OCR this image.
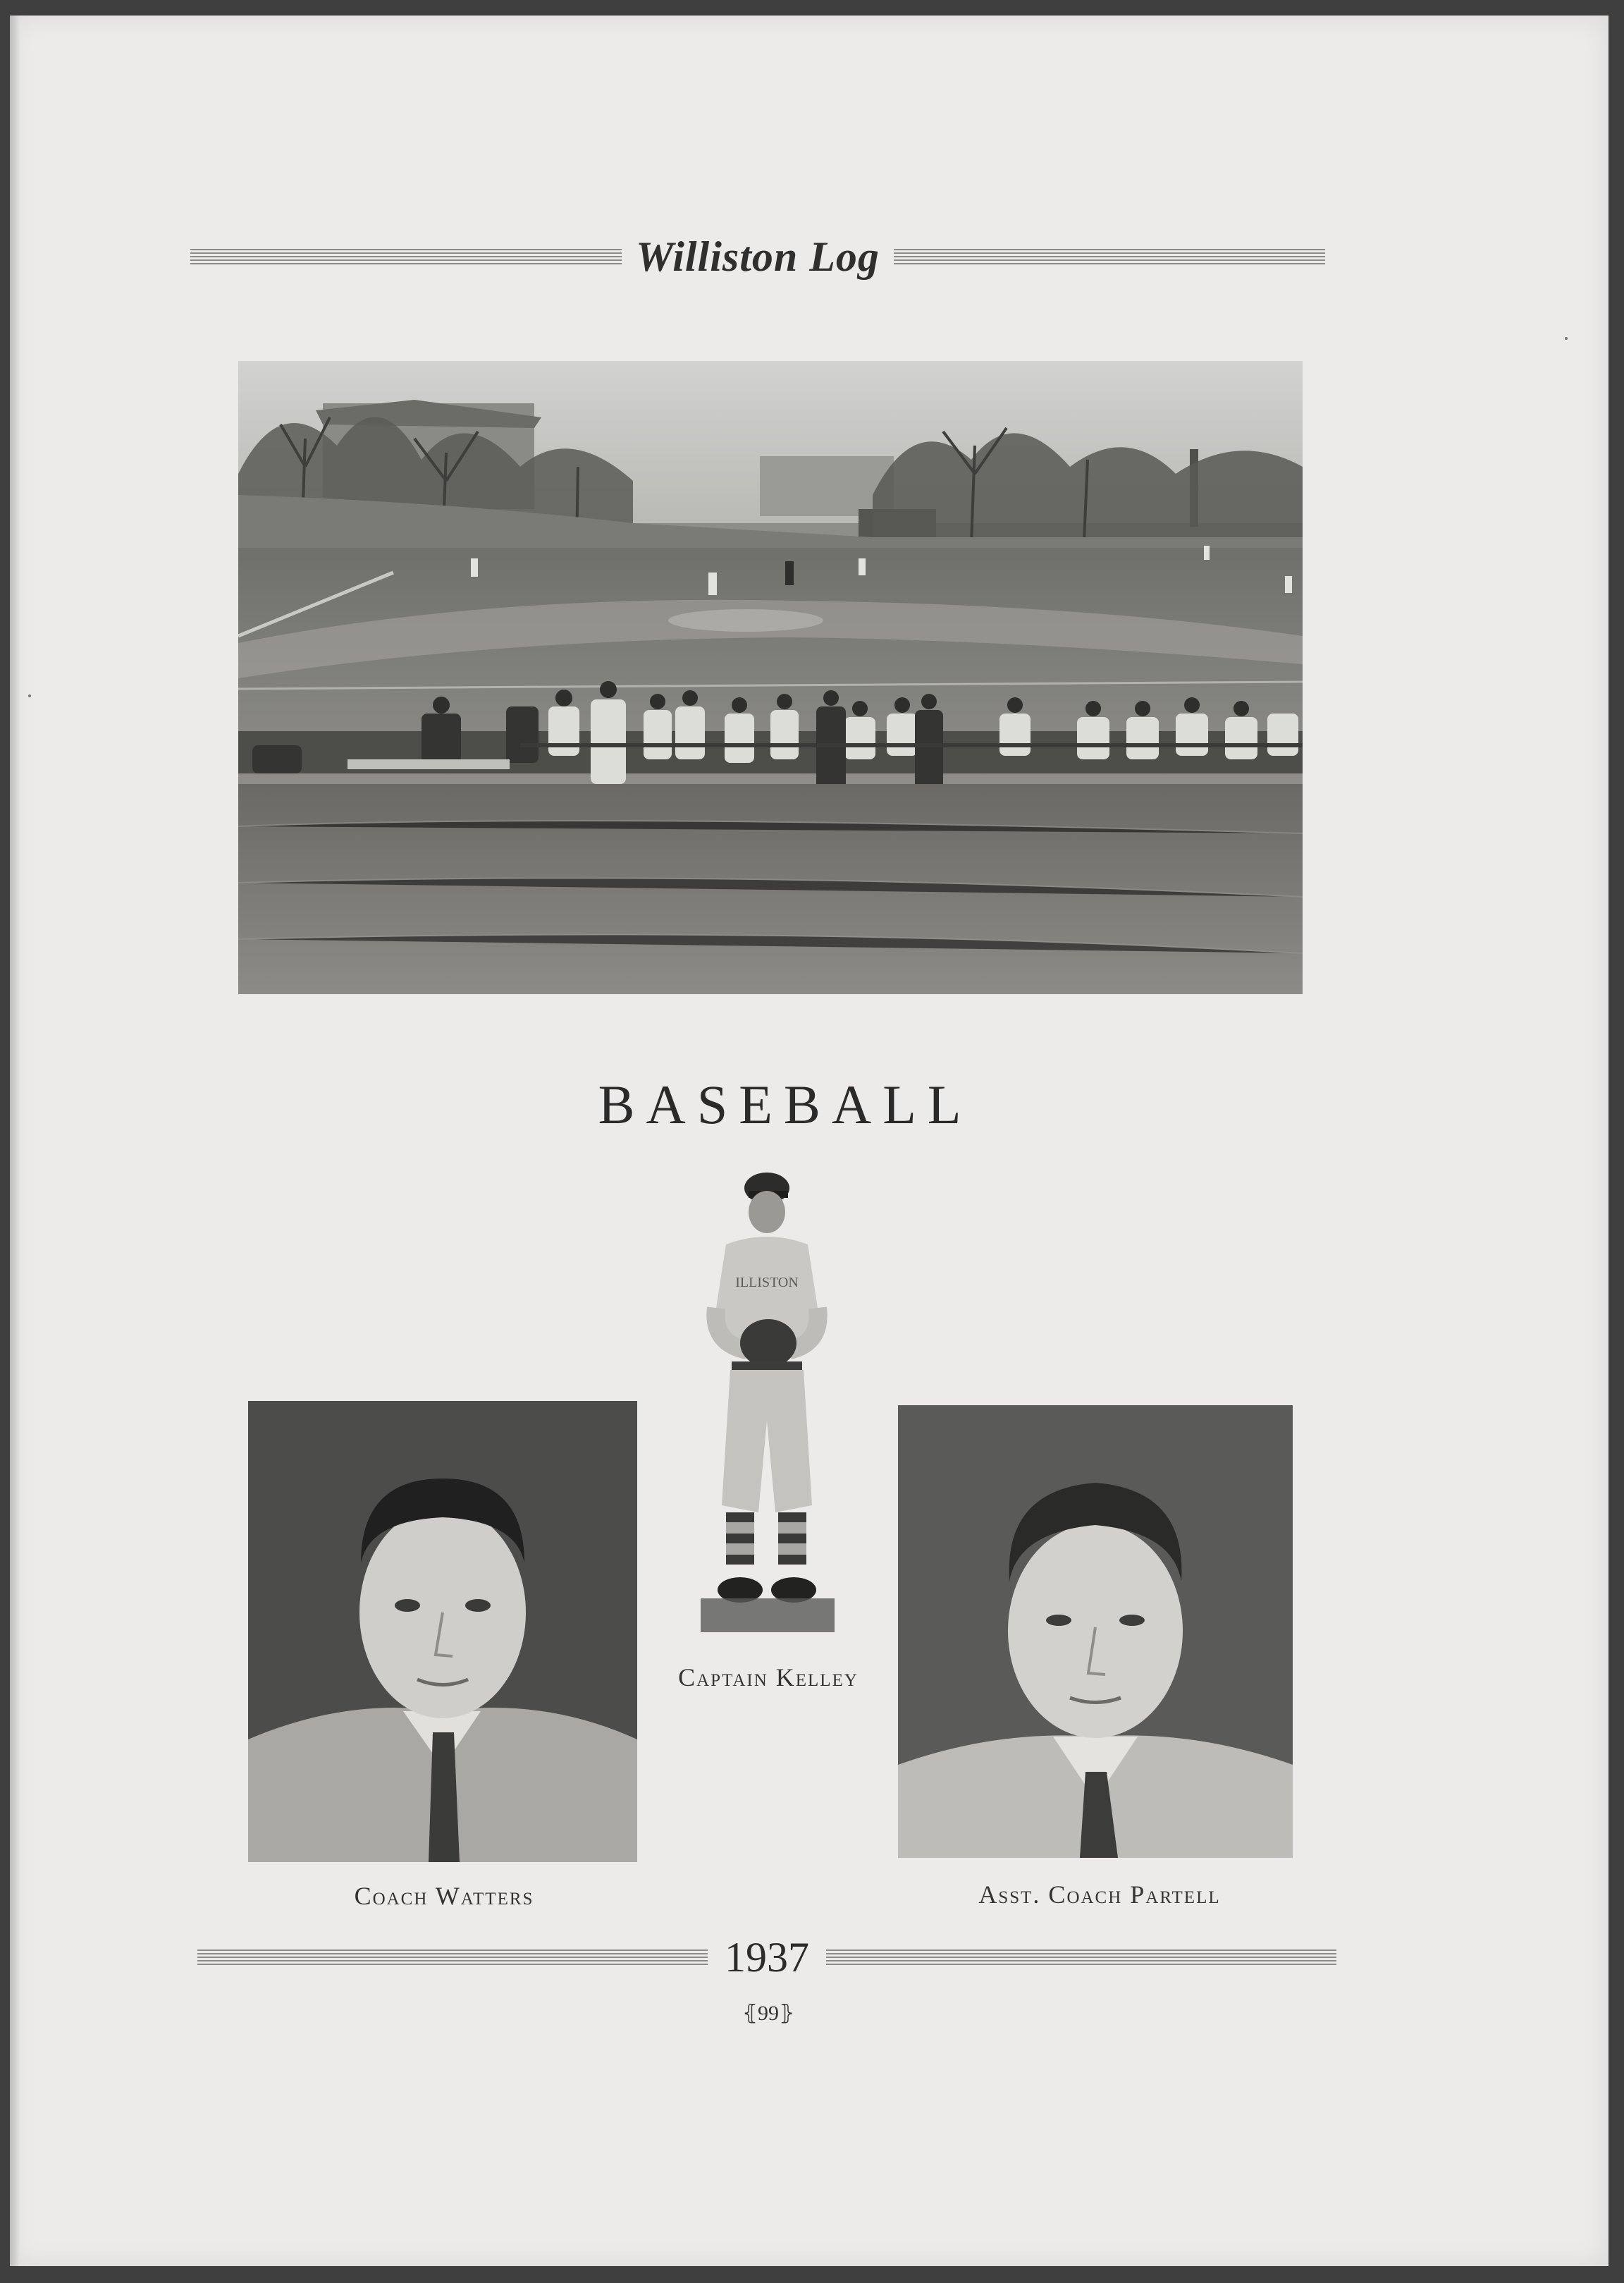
Williston Log
BASEBALL
ILLISTON
Captain Kelley
Coach Watters	Asst. Coach Partell
1937
⦃99⦄
